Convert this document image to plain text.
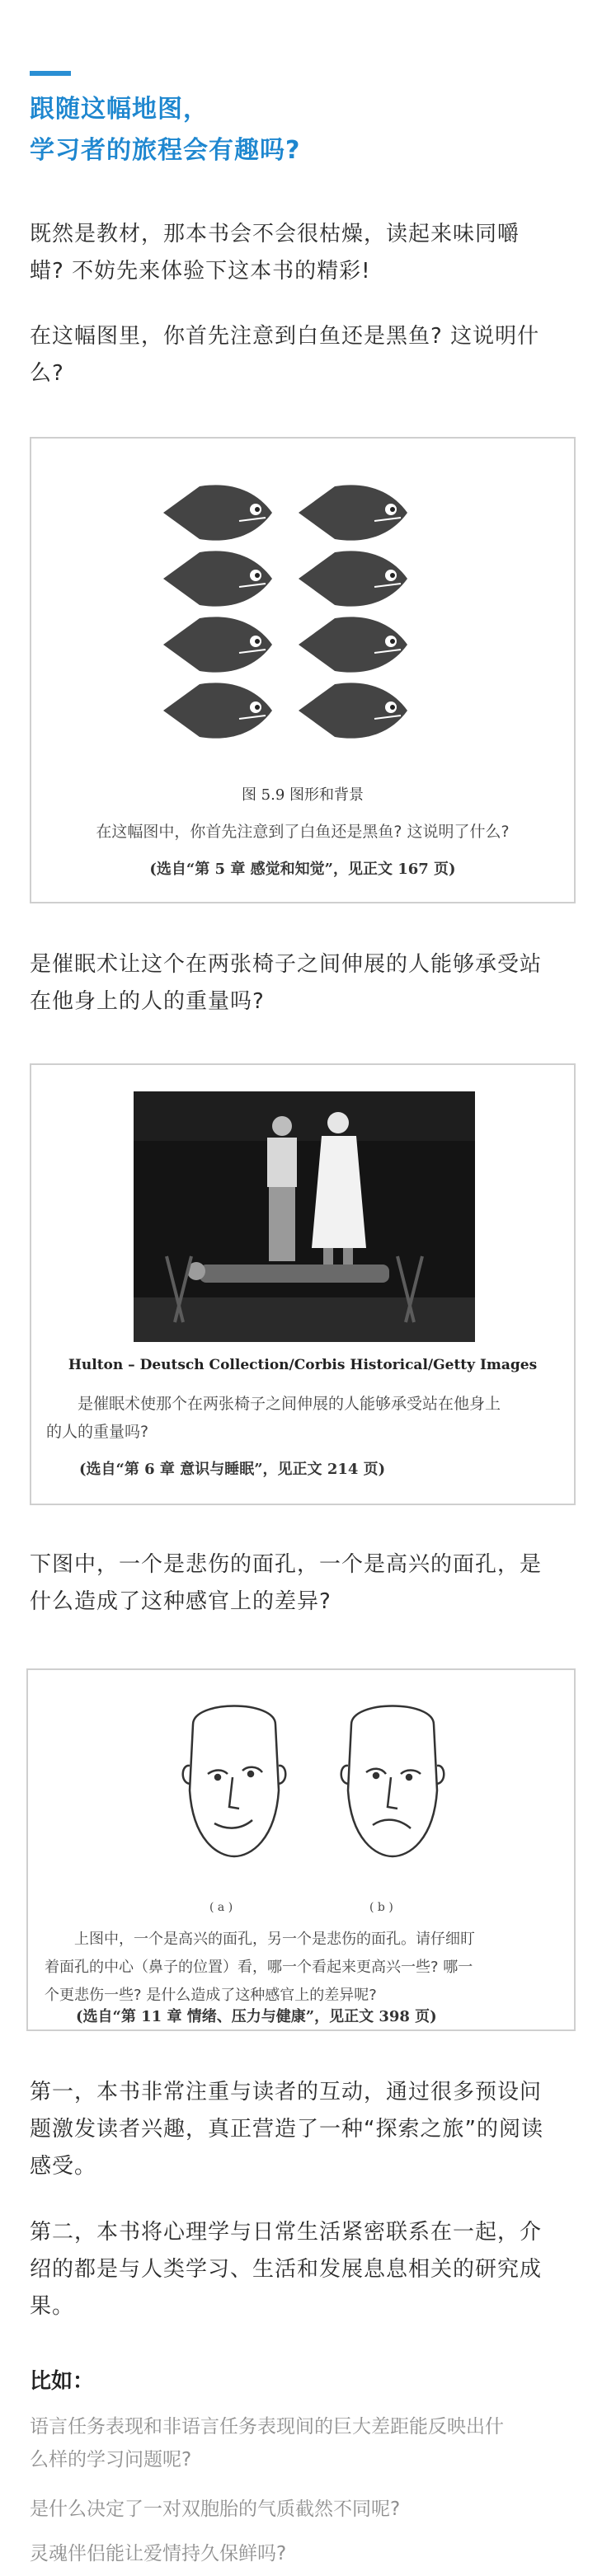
跟随这幅地图，
学习者的旅程会有趣吗?
既然是教材，那本书会不会很枯燥，读起来味同嚼
蜡? 不妨先来体验下这本书的精彩!
在这幅图里，你首先注意到白鱼还是黑鱼? 这说明什
么?
图 5.9 图形和背景
在这幅图中，你首先注意到了白鱼还是黑鱼? 这说明了什么?
(选自“第 5 章 感觉和知觉”，见正文 167 页)
是催眠术让这个在两张椅子之间伸展的人能够承受站
在他身上的人的重量吗?
Hulton – Deutsch Collection/Corbis Historical/Getty Images
是催眠术使那个在两张椅子之间伸展的人能够承受站在他身上
的人的重量吗?
(选自“第 6 章 意识与睡眠”，见正文 214 页)
下图中，一个是悲伤的面孔，一个是高兴的面孔，是
什么造成了这种感官上的差异?
( a )	( b )
上图中，一个是高兴的面孔，另一个是悲伤的面孔。请仔细盯
着面孔的中心（鼻子的位置）看，哪一个看起来更高兴一些? 哪一
个更悲伤一些? 是什么造成了这种感官上的差异呢?
(选自“第 11 章 情绪、压力与健康”，见正文 398 页)
第一，本书非常注重与读者的互动，通过很多预设问
题激发读者兴趣，真正营造了一种“探索之旅”的阅读
感受。
第二，本书将心理学与日常生活紧密联系在一起，介
绍的都是与人类学习、生活和发展息息相关的研究成
果。
比如：
语言任务表现和非语言任务表现间的巨大差距能反映出什
么样的学习问题呢?
是什么决定了一对双胞胎的气质截然不同呢?
灵魂伴侣能让爱情持久保鲜吗?
